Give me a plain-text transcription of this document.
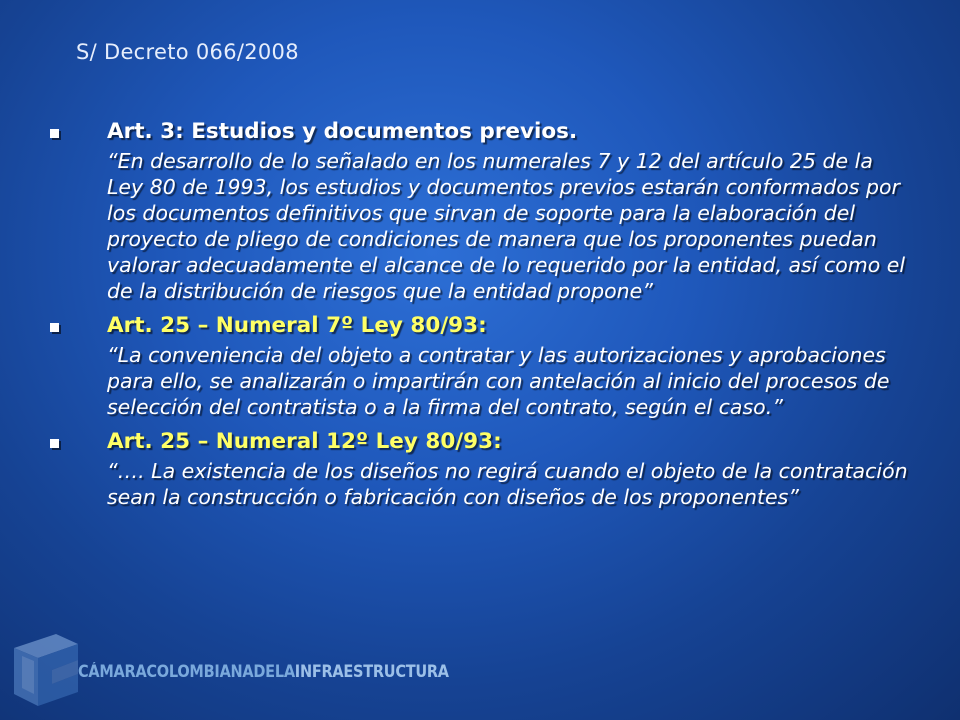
S/ Decreto 066/2008
Art. 3: Estudios y documentos previos.
“En desarrollo de lo señalado en los numerales 7 y 12 del artículo 25 de la Ley 80 de 1993, los estudios y documentos previos estarán conformados por los documentos definitivos que sirvan de soporte para la elaboración del proyecto de pliego de condiciones de manera que los proponentes puedan valorar adecuadamente el alcance de lo requerido por la entidad, así como el de la distribución de riesgos que la entidad propone”
Art. 25 – Numeral 7º Ley 80/93:
“La conveniencia del objeto a contratar y las autorizaciones y aprobaciones para ello, se analizarán o impartirán con antelación al inicio del procesos de selección del contratista o a la firma del contrato, según el caso.”
Art. 25 – Numeral 12º Ley 80/93:
“…. La existencia de los diseños no regirá cuando el objeto de la contratación sean la construcción o fabricación con diseños de los proponentes”
CÁMARACOLOMBIANADELAINFRAESTRUCTURA
